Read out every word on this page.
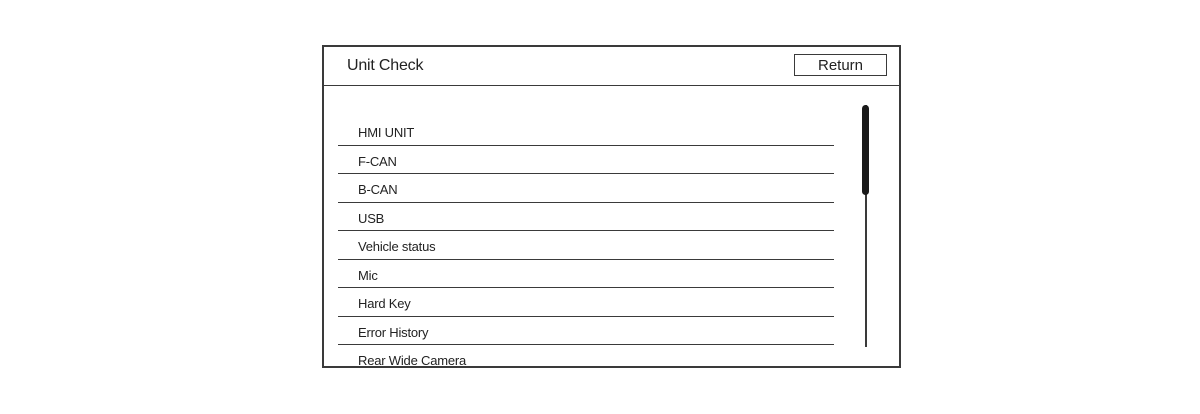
Unit Check	Return
HMI UNIT
F-CAN
B-CAN
USB
Vehicle status
Mic
Hard Key
Error History
Rear Wide Camera
